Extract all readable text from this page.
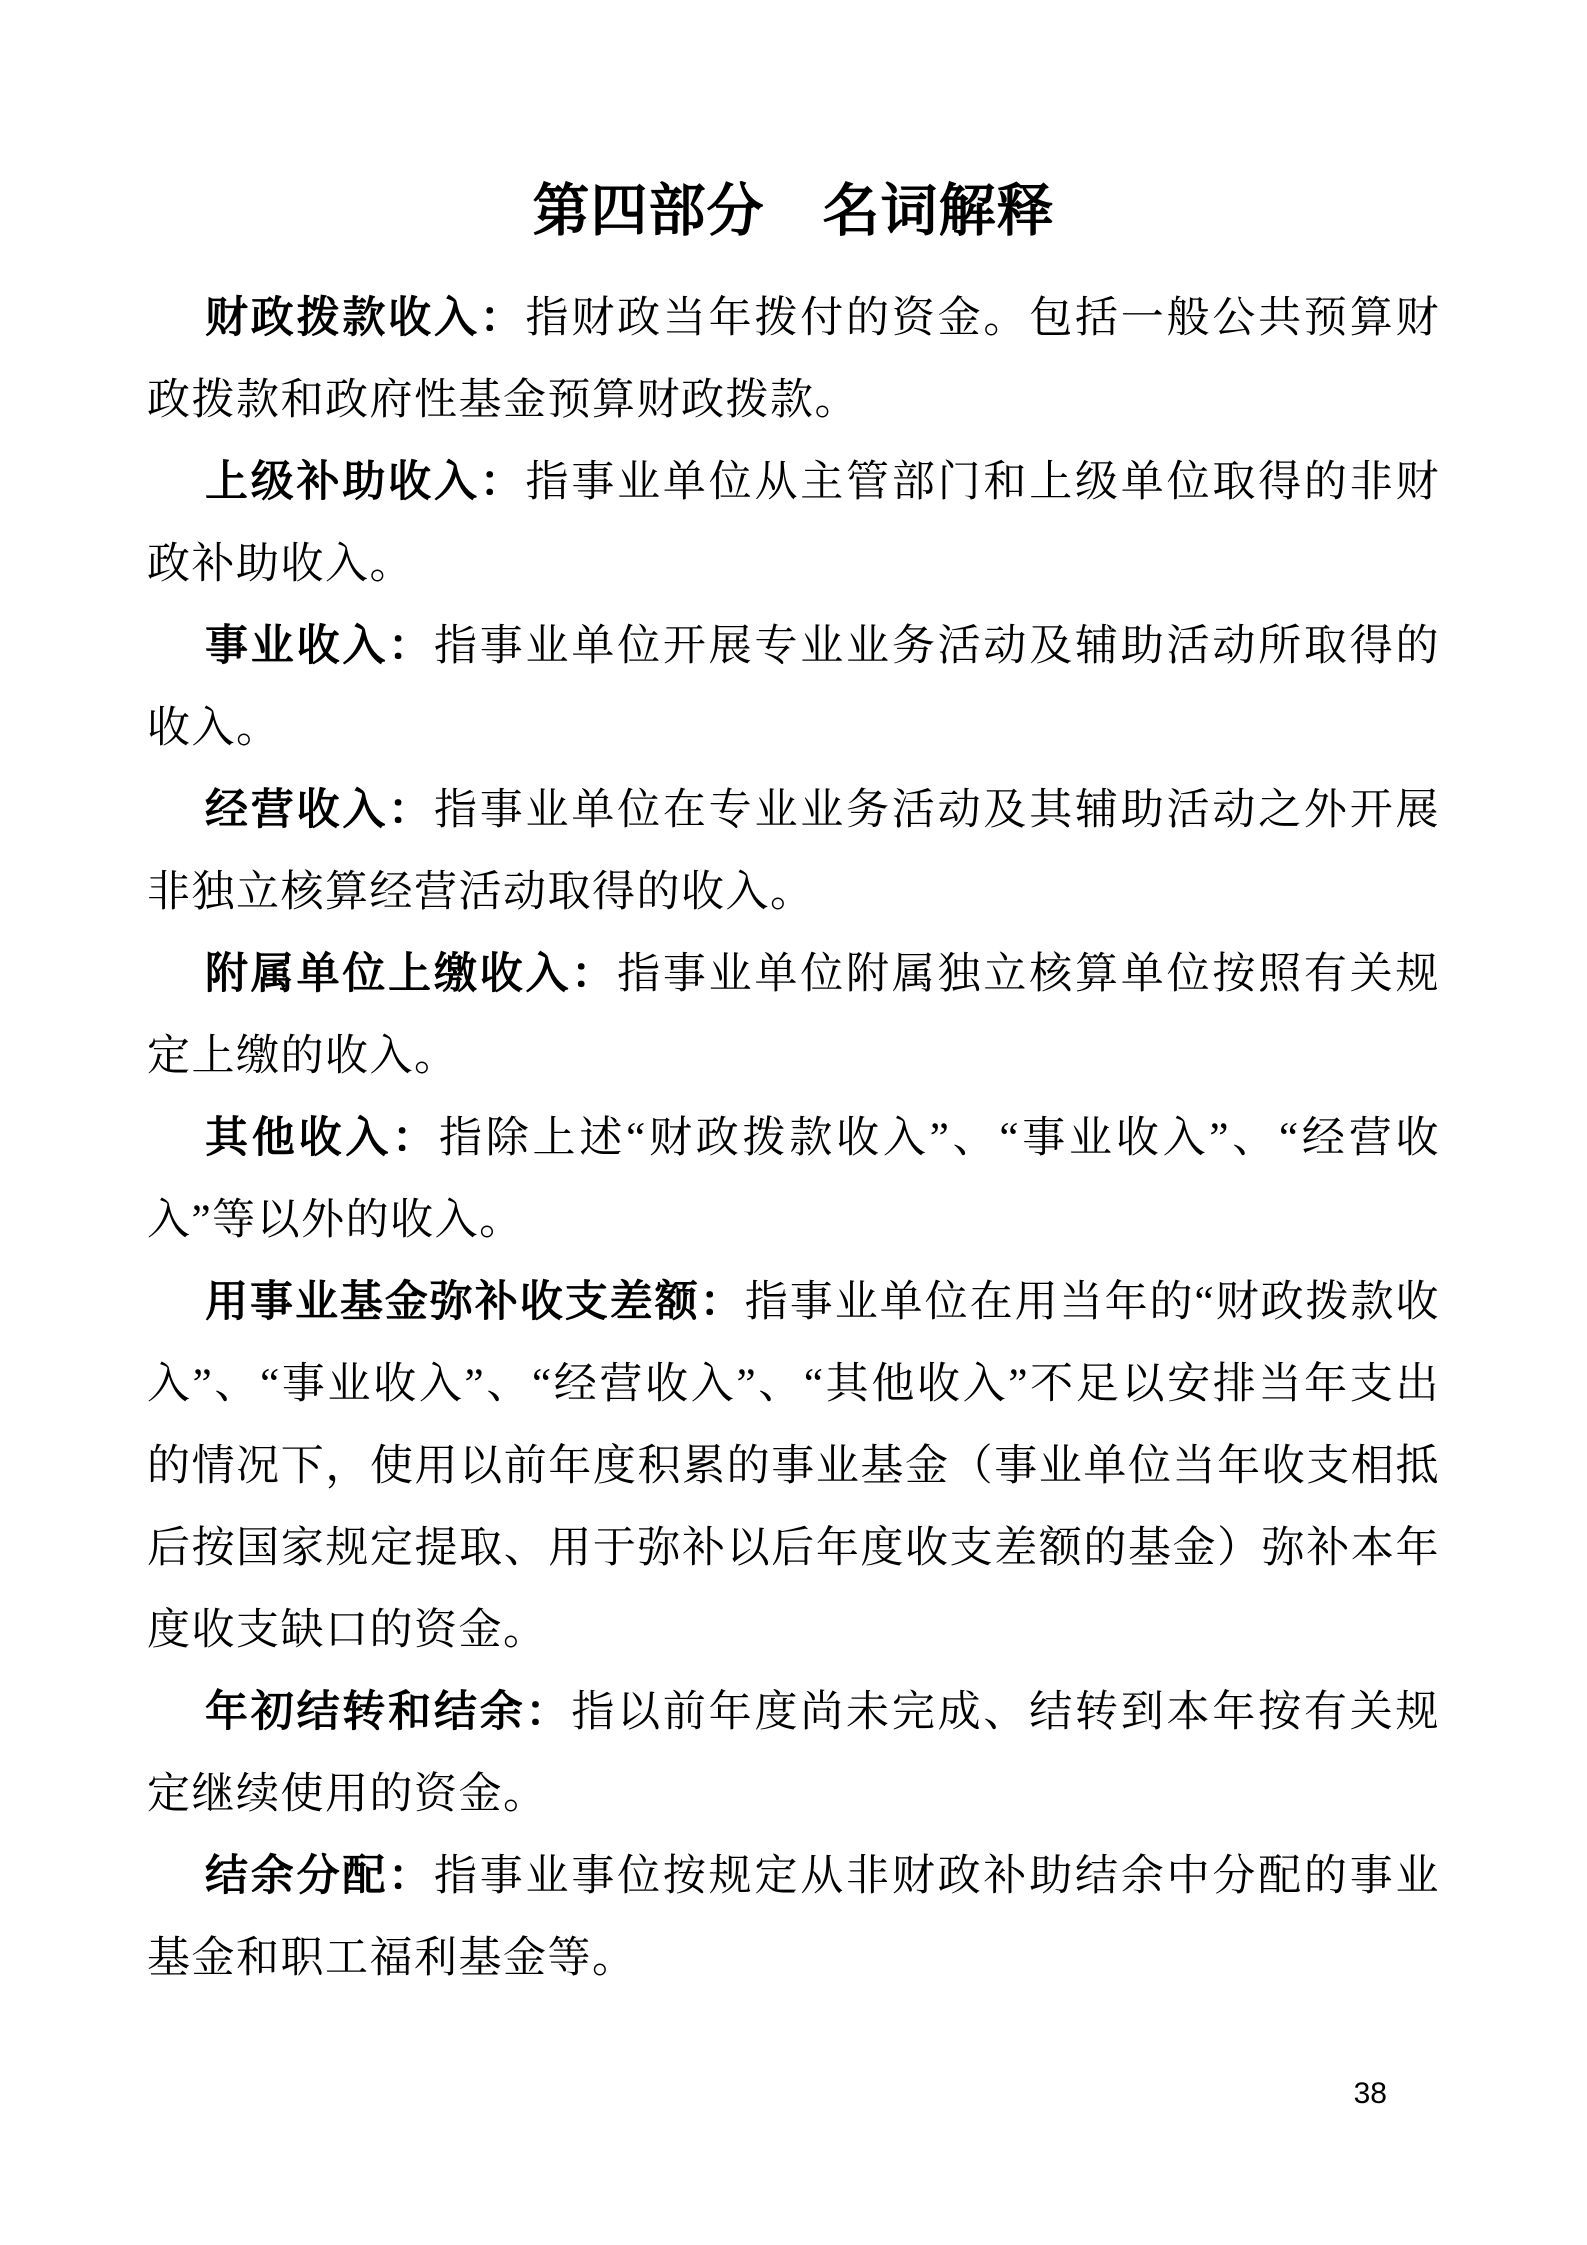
第四部分　名词解释

财政拨款收入：指财政当年拨付的资金。包括一般公共预算财政拨款和政府性基金预算财政拨款。

上级补助收入：指事业单位从主管部门和上级单位取得的非财政补助收入。

事业收入：指事业单位开展专业业务活动及辅助活动所取得的收入。

经营收入：指事业单位在专业业务活动及其辅助活动之外开展非独立核算经营活动取得的收入。

附属单位上缴收入：指事业单位附属独立核算单位按照有关规定上缴的收入。

其他收入：指除上述“财政拨款收入”、“事业收入”、“经营收入”等以外的收入。

用事业基金弥补收支差额：指事业单位在用当年的“财政拨款收入”、“事业收入”、“经营收入”、“其他收入”不足以安排当年支出的情况下，使用以前年度积累的事业基金（事业单位当年收支相抵后按国家规定提取、用于弥补以后年度收支差额的基金）弥补本年度收支缺口的资金。

年初结转和结余：指以前年度尚未完成、结转到本年按有关规定继续使用的资金。

结余分配：指事业事位按规定从非财政补助结余中分配的事业基金和职工福利基金等。

38
